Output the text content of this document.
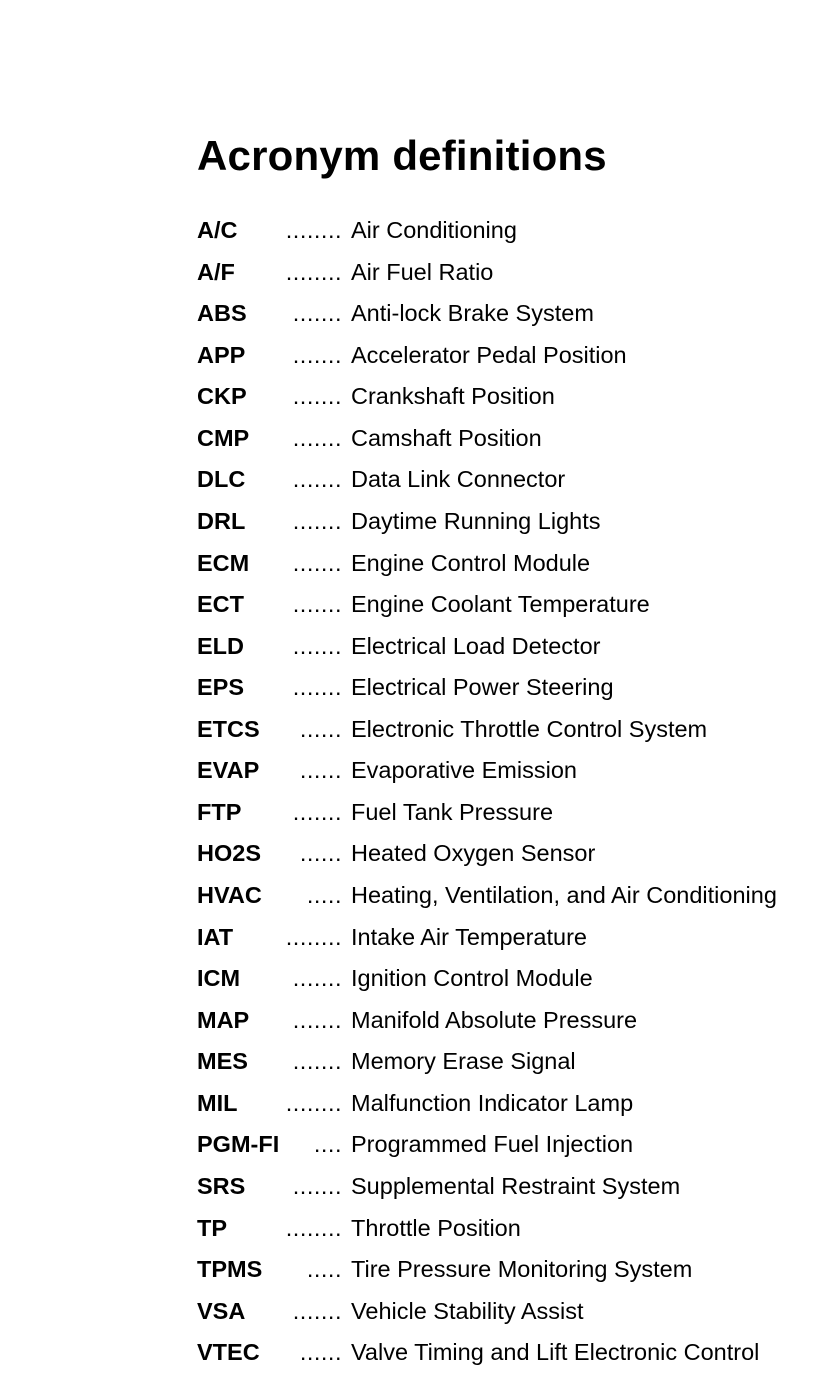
Acronym definitions
A/C ........ Air Conditioning
A/F ........ Air Fuel Ratio
ABS ....... Anti-lock Brake System
APP ....... Accelerator Pedal Position
CKP ....... Crankshaft Position
CMP ....... Camshaft Position
DLC ....... Data Link Connector
DRL ....... Daytime Running Lights
ECM ....... Engine Control Module
ECT ....... Engine Coolant Temperature
ELD ....... Electrical Load Detector
EPS ....... Electrical Power Steering
ETCS ...... Electronic Throttle Control System
EVAP ...... Evaporative Emission
FTP ....... Fuel Tank Pressure
HO2S ...... Heated Oxygen Sensor
HVAC ..... Heating, Ventilation, and Air Conditioning
IAT ........ Intake Air Temperature
ICM ....... Ignition Control Module
MAP ....... Manifold Absolute Pressure
MES ....... Memory Erase Signal
MIL ........ Malfunction Indicator Lamp
PGM-FI .... Programmed Fuel Injection
SRS ....... Supplemental Restraint System
TP ........ Throttle Position
TPMS ..... Tire Pressure Monitoring System
VSA ....... Vehicle Stability Assist
VTEC ...... Valve Timing and Lift Electronic Control
